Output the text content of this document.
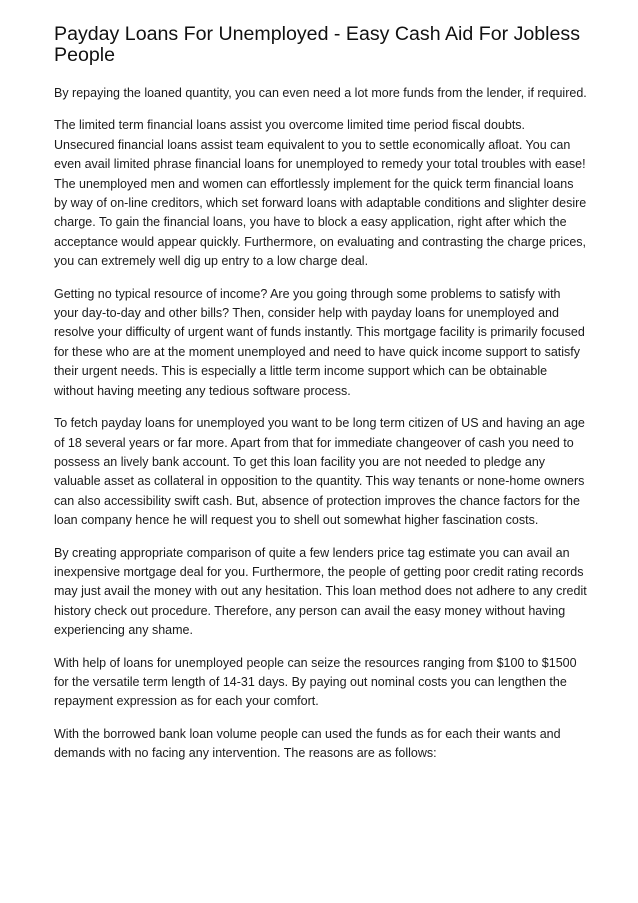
Payday Loans For Unemployed - Easy Cash Aid For Jobless People

By repaying the loaned quantity, you can even need a lot more funds from the lender, if required.

The limited term financial loans assist you overcome limited time period fiscal doubts. Unsecured financial loans assist team equivalent to you to settle economically afloat. You can even avail limited phrase financial loans for unemployed to remedy your total troubles with ease! The unemployed men and women can effortlessly implement for the quick term financial loans by way of on-line creditors, which set forward loans with adaptable conditions and slighter desire charge. To gain the financial loans, you have to block a easy application, right after which the acceptance would appear quickly. Furthermore, on evaluating and contrasting the charge prices, you can extremely well dig up entry to a low charge deal.

Getting no typical resource of income? Are you going through some problems to satisfy with your day-to-day and other bills? Then, consider help with payday loans for unemployed and resolve your difficulty of urgent want of funds instantly. This mortgage facility is primarily focused for these who are at the moment unemployed and need to have quick income support to satisfy their urgent needs. This is especially a little term income support which can be obtainable without having meeting any tedious software process.

To fetch payday loans for unemployed you want to be long term citizen of US and having an age of 18 several years or far more. Apart from that for immediate changeover of cash you need to possess an lively bank account. To get this loan facility you are not needed to pledge any valuable asset as collateral in opposition to the quantity. This way tenants or none-home owners can also accessibility swift cash. But, absence of protection improves the chance factors for the loan company hence he will request you to shell out somewhat higher fascination costs.

By creating appropriate comparison of quite a few lenders price tag estimate you can avail an inexpensive mortgage deal for you. Furthermore, the people of getting poor credit rating records may just avail the money with out any hesitation. This loan method does not adhere to any credit history check out procedure. Therefore, any person can avail the easy money without having experiencing any shame.

With help of loans for unemployed people can seize the resources ranging from $100 to $1500 for the versatile term length of 14-31 days. By paying out nominal costs you can lengthen the repayment expression as for each your comfort.

With the borrowed bank loan volume people can used the funds as for each their wants and demands with no facing any intervention. The reasons are as follows:
